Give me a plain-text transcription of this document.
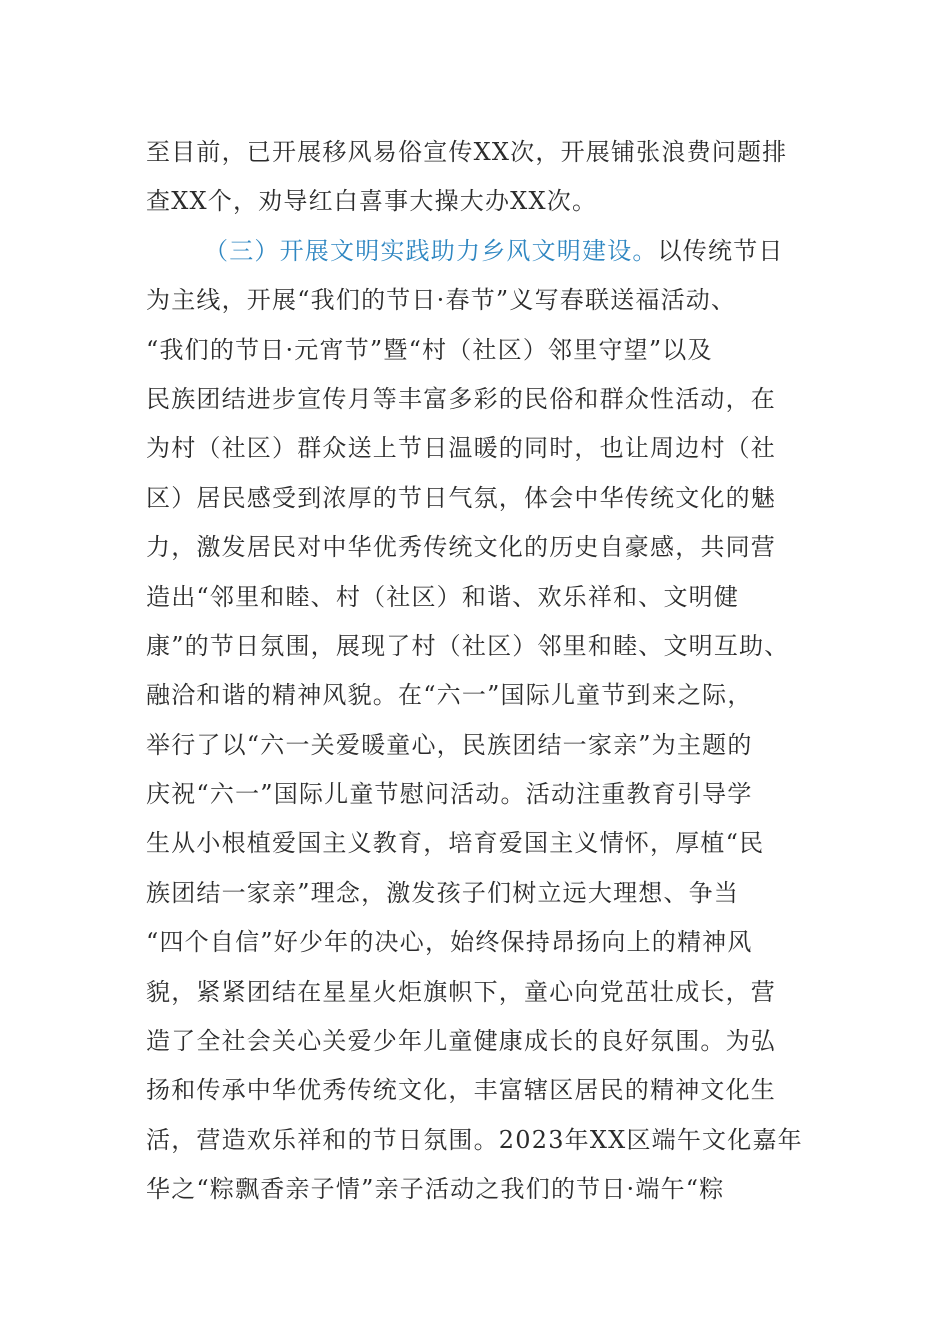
至目前，已开展移风易俗宣传XX次，开展铺张浪费问题排

查XX个，劝导红白喜事大操大办XX次。

（三）开展文明实践助力乡风文明建设。以传统节日

为主线，开展“我们的节日·春节”义写春联送福活动、

“我们的节日·元宵节”暨“村（社区）邻里守望”以及

民族团结进步宣传月等丰富多彩的民俗和群众性活动，在

为村（社区）群众送上节日温暖的同时，也让周边村（社

区）居民感受到浓厚的节日气氛，体会中华传统文化的魅

力，激发居民对中华优秀传统文化的历史自豪感，共同营

造出“邻里和睦、村（社区）和谐、欢乐祥和、文明健

康”的节日氛围，展现了村（社区）邻里和睦、文明互助、

融洽和谐的精神风貌。在“六一”国际儿童节到来之际，

举行了以“六一关爱暖童心，民族团结一家亲”为主题的

庆祝“六一”国际儿童节慰问活动。活动注重教育引导学

生从小根植爱国主义教育，培育爱国主义情怀，厚植“民

族团结一家亲”理念，激发孩子们树立远大理想、争当

“四个自信”好少年的决心，始终保持昂扬向上的精神风

貌，紧紧团结在星星火炬旗帜下，童心向党茁壮成长，营

造了全社会关心关爱少年儿童健康成长的良好氛围。为弘

扬和传承中华优秀传统文化，丰富辖区居民的精神文化生

活，营造欢乐祥和的节日氛围。2023年XX区端午文化嘉年

华之“粽飘香亲子情”亲子活动之我们的节日·端午“粽
